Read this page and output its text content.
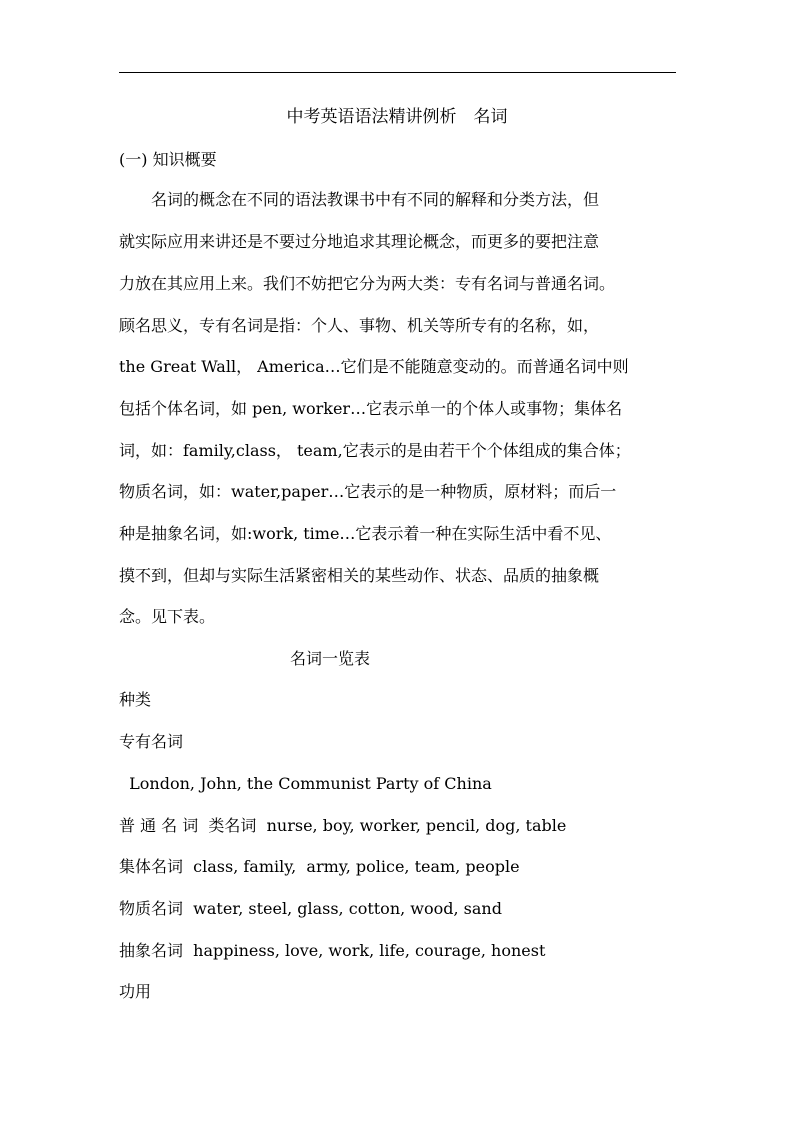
中考英语语法精讲例析　名词
(一) 知识概要
　　名词的概念在不同的语法教课书中有不同的解释和分类方法，但
就实际应用来讲还是不要过分地追求其理论概念，而更多的要把注意
力放在其应用上来。我们不妨把它分为两大类：专有名词与普通名词。
顾名思义，专有名词是指：个人、事物、机关等所专有的名称，如，
the Great Wall， America…它们是不能随意变动的。而普通名词中则
包括个体名词，如 pen, worker…它表示单一的个体人或事物；集体名
词，如：family,class， team,它表示的是由若干个个体组成的集合体；
物质名词，如：water,paper…它表示的是一种物质，原材料；而后一
种是抽象名词，如:work, time…它表示着一种在实际生活中看不见、
摸不到，但却与实际生活紧密相关的某些动作、状态、品质的抽象概
念。见下表。
名词一览表
种类
专有名词
London, John, the Communist Party of China
普 通 名 词  类名词  nurse, boy, worker, pencil, dog, table
集体名词  class, family,  army, police, team, people
物质名词  water, steel, glass, cotton, wood, sand
抽象名词  happiness, love, work, life, courage, honest
功用
